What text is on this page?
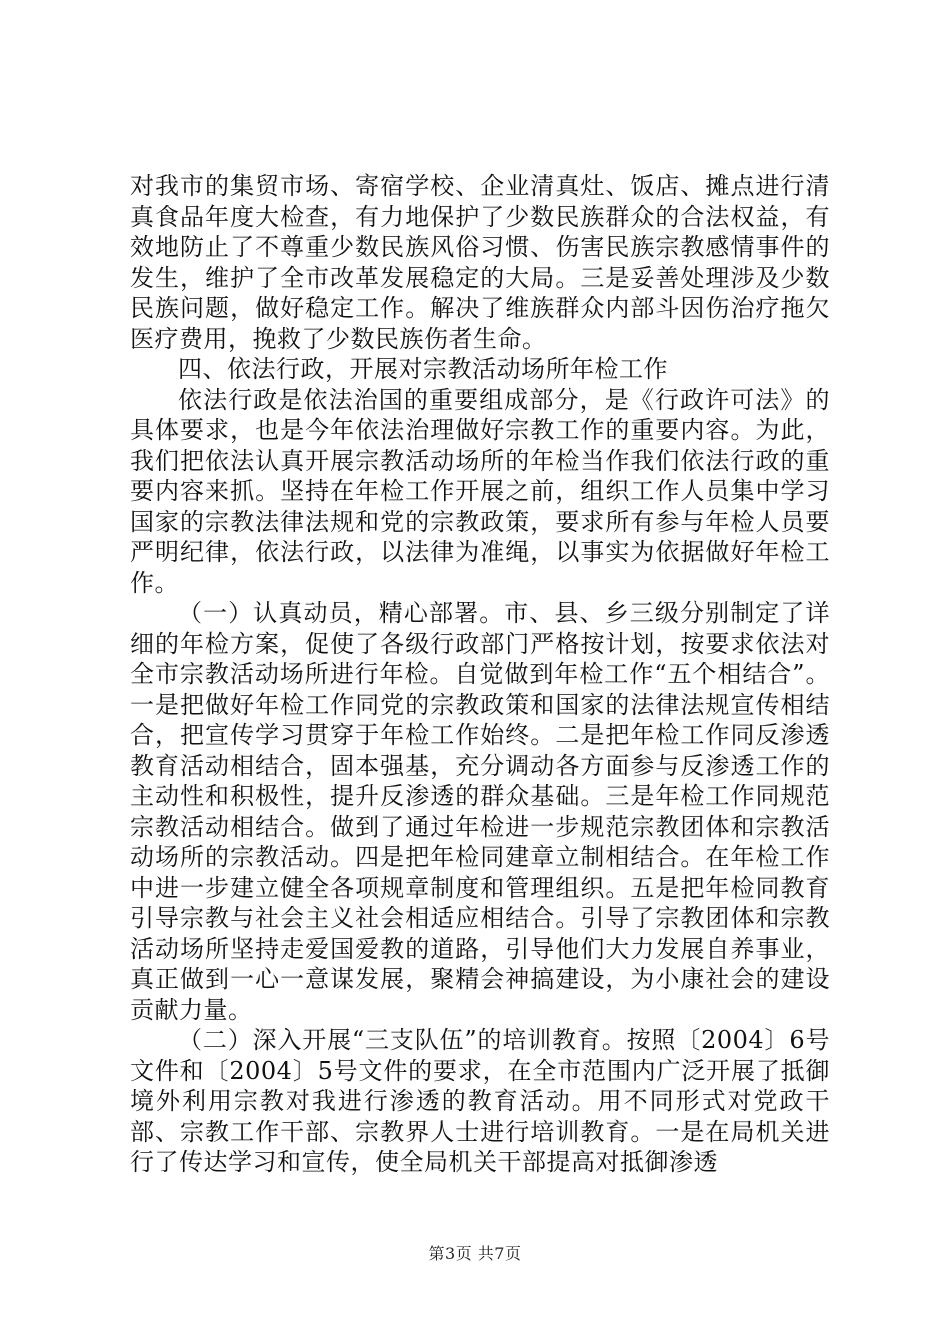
对我市的集贸市场、寄宿学校、企业清真灶、饭店、摊点进行清真食品年度大检查，有力地保护了少数民族群众的合法权益，有效地防止了不尊重少数民族风俗习惯、伤害民族宗教感情事件的发生，维护了全市改革发展稳定的大局。三是妥善处理涉及少数民族问题，做好稳定工作。解决了维族群众内部斗因伤治疗拖欠医疗费用，挽救了少数民族伤者生命。

四、依法行政，开展对宗教活动场所年检工作

依法行政是依法治国的重要组成部分，是《行政许可法》的具体要求，也是今年依法治理做好宗教工作的重要内容。为此，我们把依法认真开展宗教活动场所的年检当作我们依法行政的重要内容来抓。坚持在年检工作开展之前，组织工作人员集中学习国家的宗教法律法规和党的宗教政策，要求所有参与年检人员要严明纪律，依法行政，以法律为准绳，以事实为依据做好年检工作。

（一）认真动员，精心部署。市、县、乡三级分别制定了详细的年检方案，促使了各级行政部门严格按计划，按要求依法对全市宗教活动场所进行年检。自觉做到年检工作“五个相结合”。一是把做好年检工作同党的宗教政策和国家的法律法规宣传相结合，把宣传学习贯穿于年检工作始终。二是把年检工作同反渗透教育活动相结合，固本强基，充分调动各方面参与反渗透工作的主动性和积极性，提升反渗透的群众基础。三是年检工作同规范宗教活动相结合。做到了通过年检进一步规范宗教团体和宗教活动场所的宗教活动。四是把年检同建章立制相结合。在年检工作中进一步建立健全各项规章制度和管理组织。五是把年检同教育引导宗教与社会主义社会相适应相结合。引导了宗教团体和宗教活动场所坚持走爱国爱教的道路，引导他们大力发展自养事业，真正做到一心一意谋发展，聚精会神搞建设，为小康社会的建设贡献力量。

（二）深入开展“三支队伍”的培训教育。按照〔2004〕6号文件和〔2004〕5号文件的要求，在全市范围内广泛开展了抵御境外利用宗教对我进行渗透的教育活动。用不同形式对党政干部、宗教工作干部、宗教界人士进行培训教育。一是在局机关进行了传达学习和宣传，使全局机关干部提高对抵御渗透

第3页 共7页
